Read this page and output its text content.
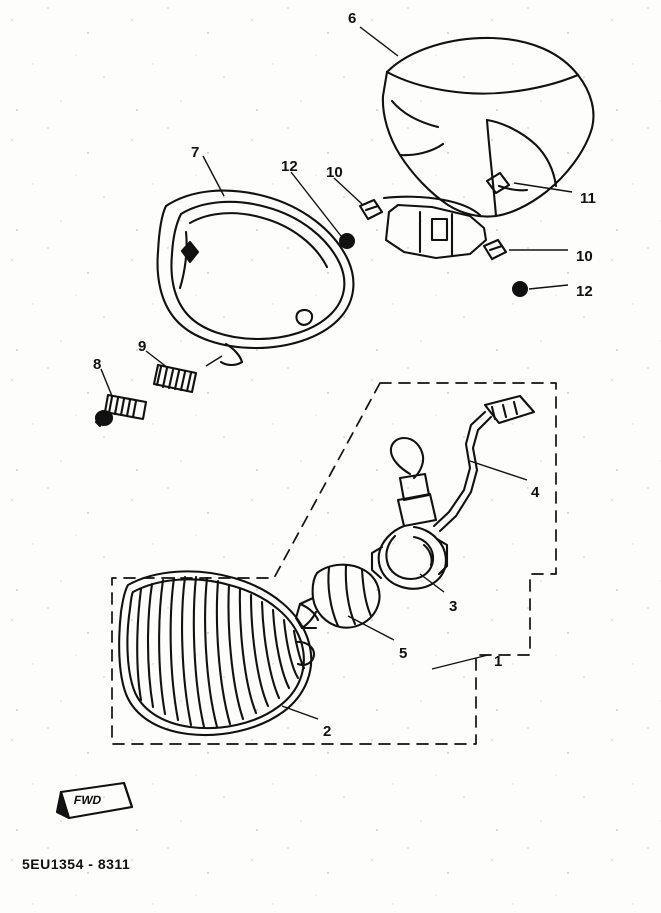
6
7
12 10
11
10
12
9
8
4
3
5	1
2
FWD
5EU1354 - 8311
